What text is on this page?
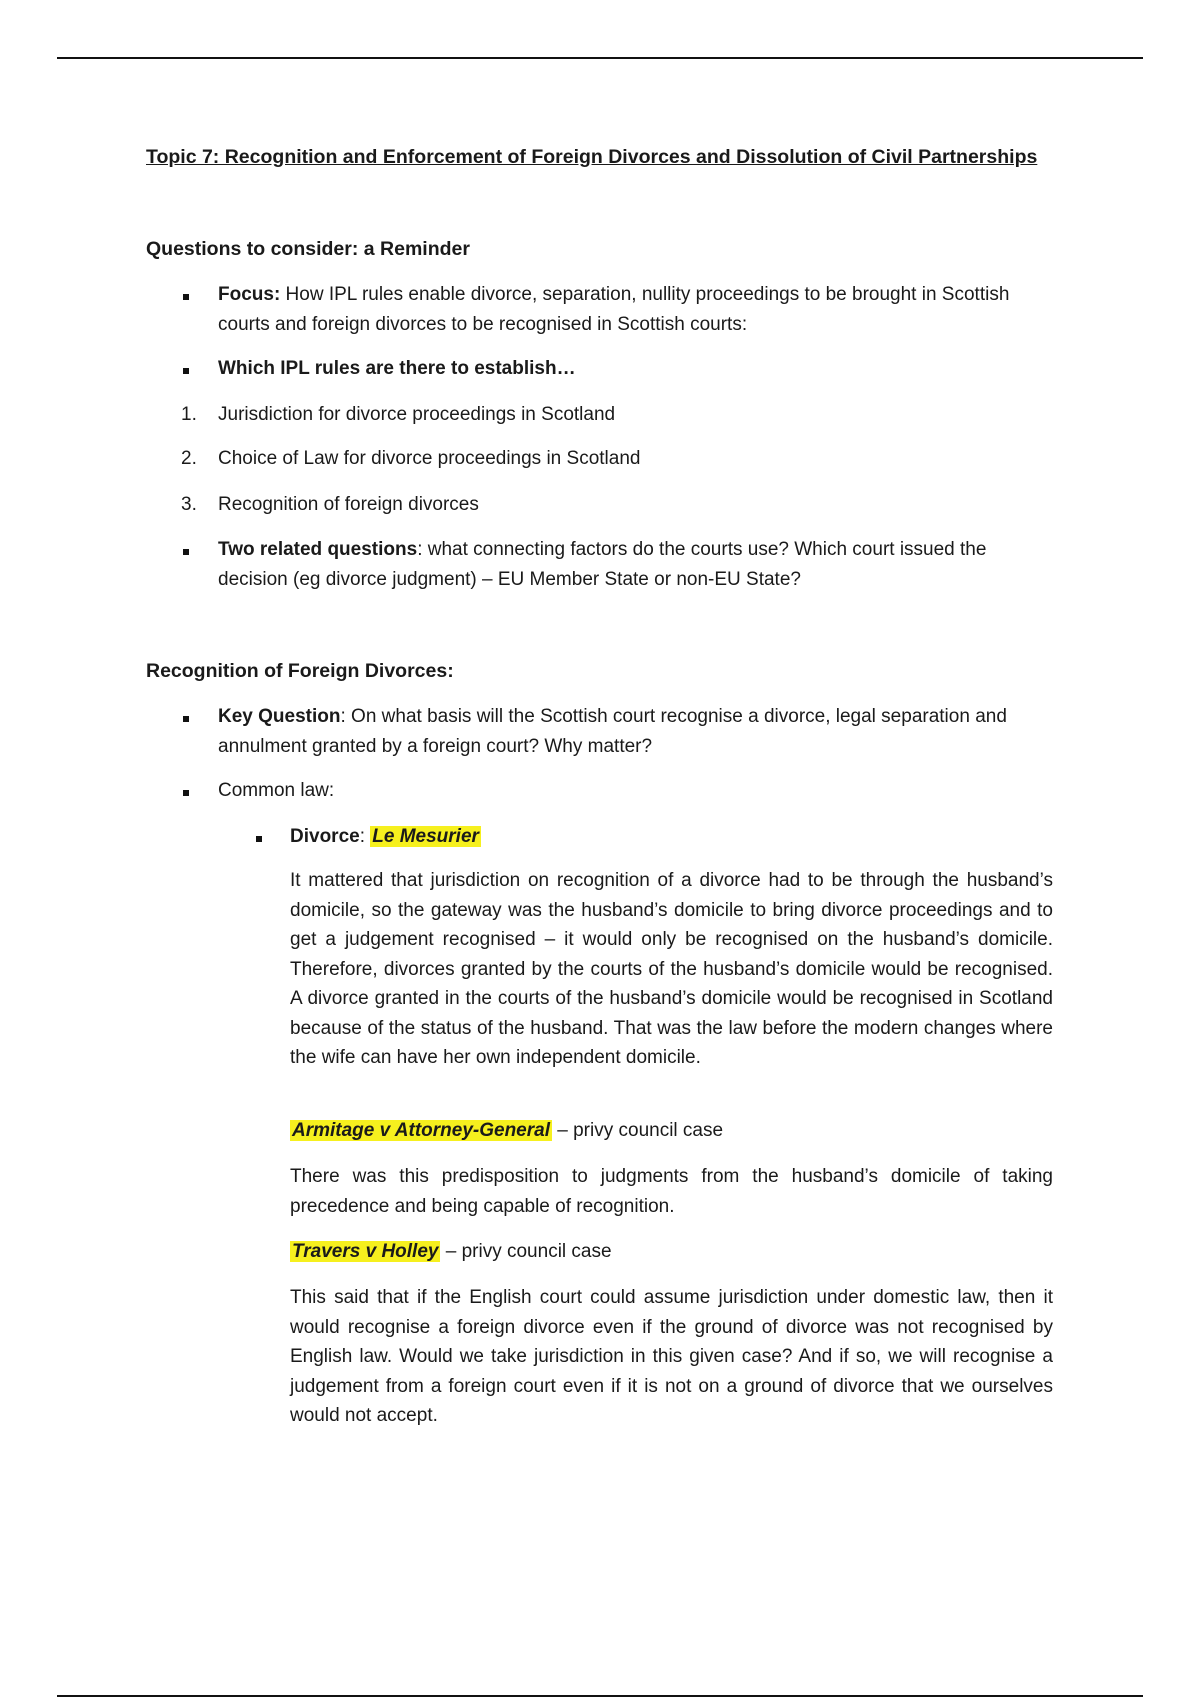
Topic 7: Recognition and Enforcement of Foreign Divorces and Dissolution of Civil Partnerships
Questions to consider: a Reminder

Focus: How IPL rules enable divorce, separation, nullity proceedings to be brought in Scottish courts and foreign divorces to be recognised in Scottish courts:

Which IPL rules are there to establish…

1.	Jurisdiction for divorce proceedings in Scotland

2.	Choice of Law for divorce proceedings in Scotland

3.	Recognition of foreign divorces

Two related questions: what connecting factors do the courts use? Which court issued the decision (eg divorce judgment) – EU Member State or non-EU State?

Recognition of Foreign Divorces:

Key Question: On what basis will the Scottish court recognise a divorce, legal separation and annulment granted by a foreign court? Why matter?

Common law:

Divorce: Le Mesurier

It mattered that jurisdiction on recognition of a divorce had to be through the husband’s domicile, so the gateway was the husband’s domicile to bring divorce proceedings and to get a judgement recognised – it would only be recognised on the husband’s domicile. Therefore, divorces granted by the courts of the husband’s domicile would be recognised. A divorce granted in the courts of the husband’s domicile would be recognised in Scotland because of the status of the husband. That was the law before the modern changes where the wife can have her own independent domicile.

Armitage v Attorney-General – privy council case

There was this predisposition to judgments from the husband’s domicile of taking precedence and being capable of recognition.

Travers v Holley – privy council case

This said that if the English court could assume jurisdiction under domestic law, then it would recognise a foreign divorce even if the ground of divorce was not recognised by English law. Would we take jurisdiction in this given case? And if so, we will recognise a judgement from a foreign court even if it is not on a ground of divorce that we ourselves would not accept.
